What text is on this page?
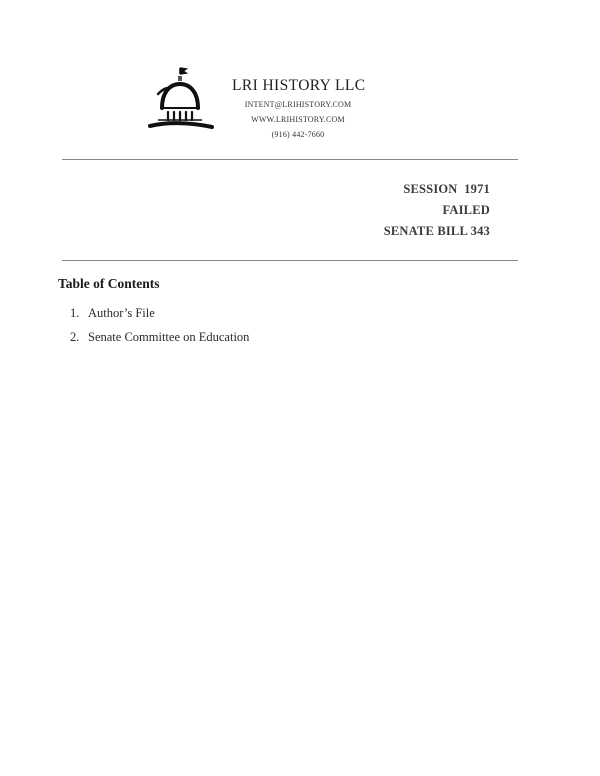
LRI HISTORY LLC
INTENT@LRIHISTORY.COM
WWW.LRIHISTORY.COM
(916) 442-7660
SESSION  1971
FAILED
SENATE BILL 343
Table of Contents
1. Author’s File
2. Senate Committee on Education
